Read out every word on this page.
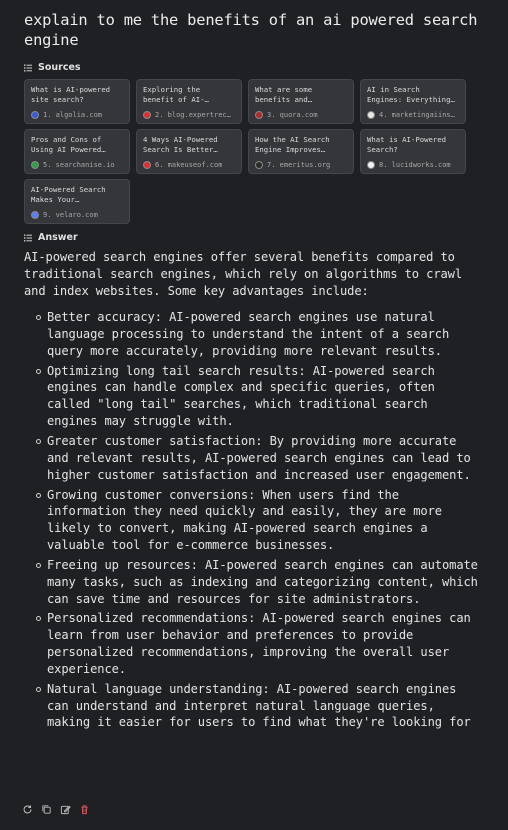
explain to me the benefits of an ai powered search engine
Sources
What is AI-powered site search?
1. algolia.com
Exploring the benefit of AI-
2. blog.expertrec…
What are some benefits and
3. quora.com
AI in Search Engines: Everything
4. marketingaiins…
Pros and Cons of Using AI Powered
5. searchanise.io
4 Ways AI-Powered Search Is Better
6. makeuseof.com
How the AI Search Engine Improves…
7. emeritus.org
What is AI-Powered Search?
8. lucidworks.com
AI-Powered Search Makes Your
9. velaro.com
Answer

AI-powered search engines offer several benefits compared to traditional search engines, which rely on algorithms to crawl and index websites. Some key advantages include:

Better accuracy: AI-powered search engines use natural language processing to understand the intent of a search query more accurately, providing more relevant results.
Optimizing long tail search results: AI-powered search engines can handle complex and specific queries, often called "long tail" searches, which traditional search engines may struggle with.
Greater customer satisfaction: By providing more accurate and relevant results, AI-powered search engines can lead to higher customer satisfaction and increased user engagement.
Growing customer conversions: When users find the information they need quickly and easily, they are more likely to convert, making AI-powered search engines a valuable tool for e-commerce businesses.
Freeing up resources: AI-powered search engines can automate many tasks, such as indexing and categorizing content, which can save time and resources for site administrators.
Personalized recommendations: AI-powered search engines can learn from user behavior and preferences to provide personalized recommendations, improving the overall user experience.
Natural language understanding: AI-powered search engines can understand and interpret natural language queries, making it easier for users to find what they're looking for
